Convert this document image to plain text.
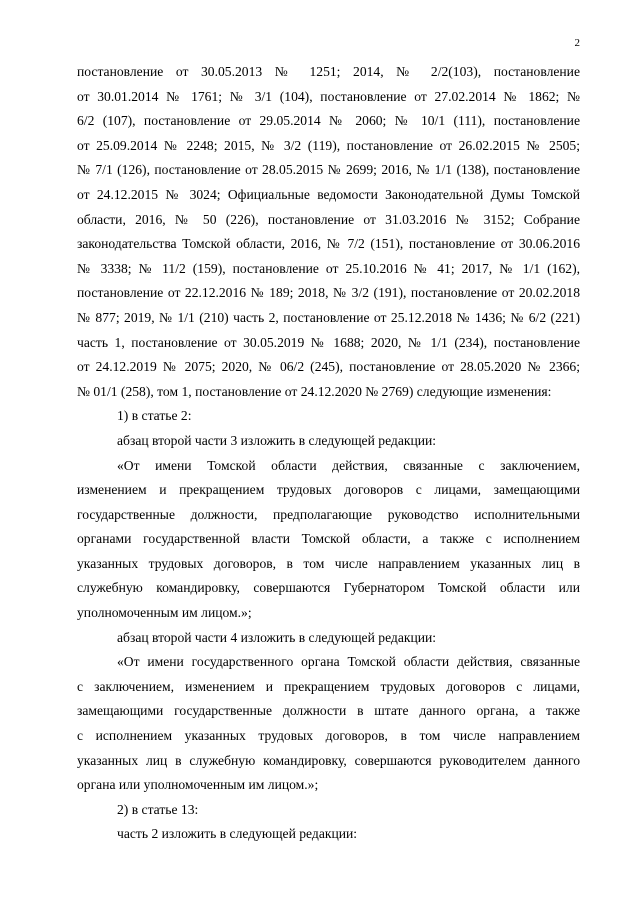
2

постановление от 30.05.2013 № 1251; 2014, № 2/2(103), постановление
от 30.01.2014 № 1761; № 3/1 (104), постановление от 27.02.2014 № 1862; №
6/2 (107), постановление от 29.05.2014 № 2060; № 10/1 (111), постановление
от 25.09.2014 № 2248; 2015, № 3/2 (119), постановление от 26.02.2015 № 2505;
№ 7/1 (126), постановление от 28.05.2015 № 2699; 2016, № 1/1 (138), постановление
от 24.12.2015 № 3024; Официальные ведомости Законодательной Думы Томской
области, 2016, № 50 (226), постановление от 31.03.2016 № 3152; Собрание
законодательства Томской области, 2016, № 7/2 (151), постановление от 30.06.2016
№ 3338; № 11/2 (159), постановление от 25.10.2016 № 41; 2017, № 1/1 (162),
постановление от 22.12.2016 № 189; 2018, № 3/2 (191), постановление от 20.02.2018
№ 877; 2019, № 1/1 (210) часть 2, постановление от 25.12.2018 № 1436; № 6/2 (221)
часть 1, постановление от 30.05.2019 № 1688; 2020, № 1/1 (234), постановление
от 24.12.2019 № 2075; 2020, № 06/2 (245), постановление от 28.05.2020 № 2366;
№ 01/1 (258), том 1, постановление от 24.12.2020 № 2769) следующие изменения:

1) в статье 2:

абзац второй части 3 изложить в следующей редакции:

«От имени Томской области действия, связанные с заключением,
изменением и прекращением трудовых договоров с лицами, замещающими
государственные должности, предполагающие руководство исполнительными
органами государственной власти Томской области, а также с исполнением
указанных трудовых договоров, в том числе направлением указанных лиц в
служебную командировку, совершаются Губернатором Томской области или
уполномоченным им лицом.»;

абзац второй части 4 изложить в следующей редакции:

«От имени государственного органа Томской области действия, связанные
с заключением, изменением и прекращением трудовых договоров с лицами,
замещающими государственные должности в штате данного органа, а также
с исполнением указанных трудовых договоров, в том числе направлением
указанных лиц в служебную командировку, совершаются руководителем данного
органа или уполномоченным им лицом.»;

2) в статье 13:

часть 2 изложить в следующей редакции:
